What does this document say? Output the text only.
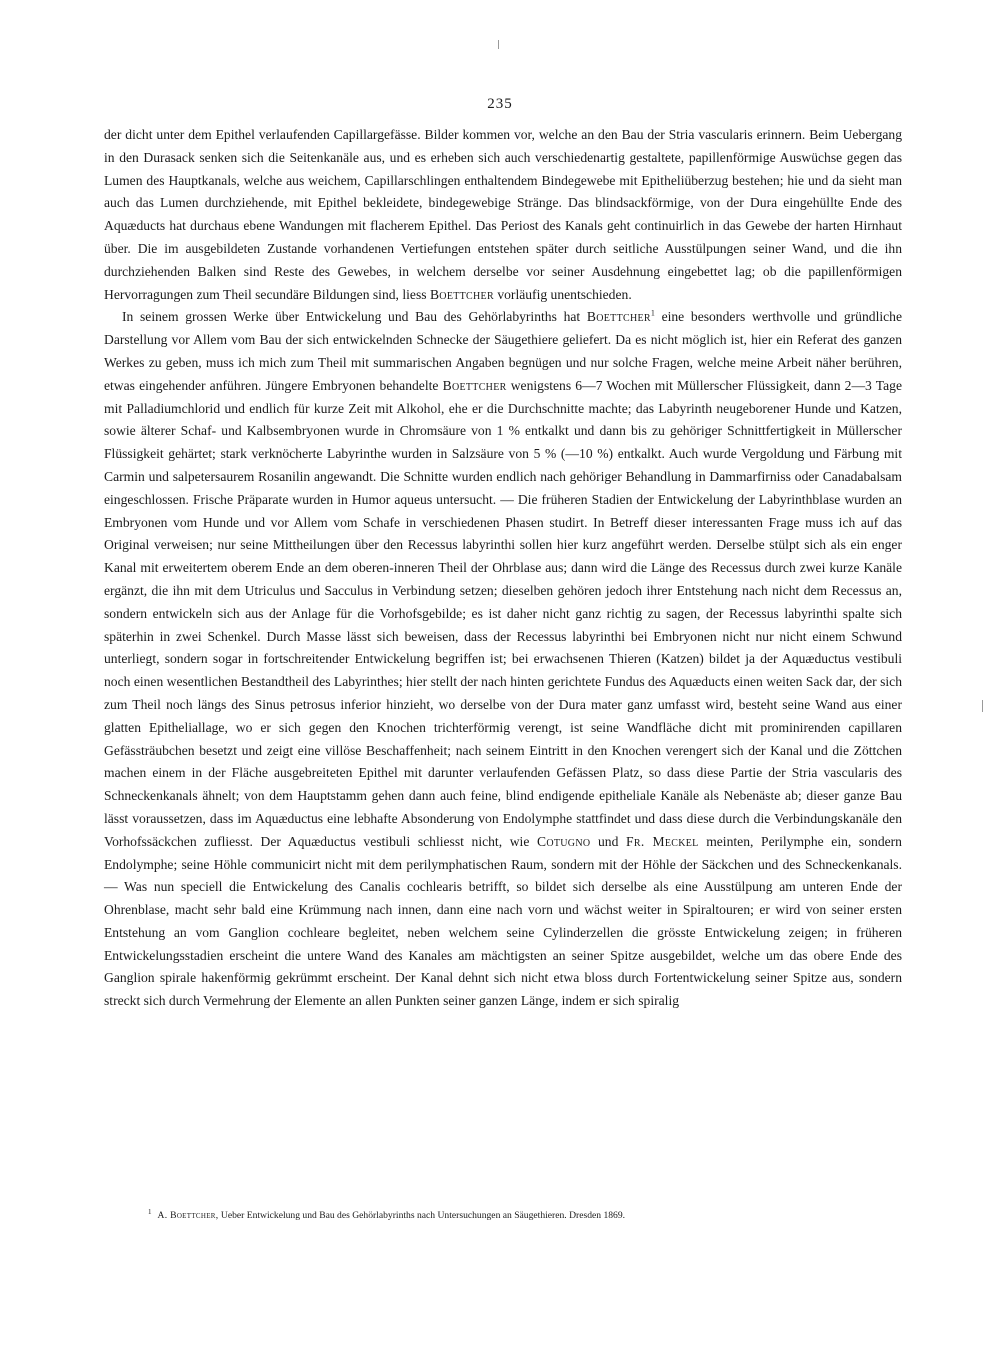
235

der dicht unter dem Epithel verlaufenden Capillargefässe. Bilder kommen vor, welche an den Bau der Stria vascularis erinnern. Beim Uebergang in den Durasack senken sich die Seitenkanäle aus, und es erheben sich auch verschiedenartig gestaltete, papillenförmige Auswüchse gegen das Lumen des Hauptkanals, welche aus weichem, Capillarschlingen enthaltendem Bindegewebe mit Epitheliüberzug bestehen; hie und da sieht man auch das Lumen durchziehende, mit Epithel bekleidete, bindegewebige Stränge. Das blindsackförmige, von der Dura eingehüllte Ende des Aquæducts hat durchaus ebene Wandungen mit flacherem Epithel. Das Periost des Kanals geht continuirlich in das Gewebe der harten Hirnhaut über. Die im ausgebildeten Zustande vorhandenen Vertiefungen entstehen später durch seitliche Ausstülpungen seiner Wand, und die ihn durchziehenden Balken sind Reste des Gewebes, in welchem derselbe vor seiner Ausdehnung eingebettet lag; ob die papillenförmigen Hervorragungen zum Theil secundäre Bildungen sind, liess Boettcher vorläufig unentschieden.

In seinem grossen Werke über Entwickelung und Bau des Gehörlabyrinths hat Boettcher$^1$ eine besonders werthvolle und gründliche Darstellung vor Allem vom Bau der sich entwickelnden Schnecke der Säugethiere geliefert. Da es nicht möglich ist, hier ein Referat des ganzen Werkes zu geben, muss ich mich zum Theil mit summarischen Angaben begnügen und nur solche Fragen, welche meine Arbeit näher berühren, etwas eingehender anführen. Jüngere Embryonen behandelte Boettcher wenigstens 6—7 Wochen mit Müllerscher Flüssigkeit, dann 2—3 Tage mit Palladiumchlorid und endlich für kurze Zeit mit Alkohol, ehe er die Durchschnitte machte; das Labyrinth neugeborener Hunde und Katzen, sowie älterer Schaf- und Kalbsembryonen wurde in Chromsäure von 1 % entkalkt und dann bis zu gehöriger Schnittfertigkeit in Müllerscher Flüssigkeit gehärtet; stark verknöcherte Labyrinthe wurden in Salzsäure von 5 % (—10 %) entkalkt. Auch wurde Vergoldung und Färbung mit Carmin und salpetersaurem Rosanilin angewandt. Die Schnitte wurden endlich nach gehöriger Behandlung in Dammarfirniss oder Canadabalsam eingeschlossen. Frische Präparate wurden in Humor aqueus untersucht. — Die früheren Stadien der Entwickelung der Labyrinthblase wurden an Embryonen vom Hunde und vor Allem vom Schafe in verschiedenen Phasen studirt. In Betreff dieser interessanten Frage muss ich auf das Original verweisen; nur seine Mittheilungen über den Recessus labyrinthi sollen hier kurz angeführt werden. Derselbe stülpt sich als ein enger Kanal mit erweitertem oberem Ende an dem oberen-inneren Theil der Ohrblase aus; dann wird die Länge des Recessus durch zwei kurze Kanäle ergänzt, die ihn mit dem Utriculus und Sacculus in Verbindung setzen; dieselben gehören jedoch ihrer Entstehung nach nicht dem Recessus an, sondern entwickeln sich aus der Anlage für die Vorhofsgebilde; es ist daher nicht ganz richtig zu sagen, der Recessus labyrinthi spalte sich späterhin in zwei Schenkel. Durch Masse lässt sich beweisen, dass der Recessus labyrinthi bei Embryonen nicht nur nicht einem Schwund unterliegt, sondern sogar in fortschreitender Entwickelung begriffen ist; bei erwachsenen Thieren (Katzen) bildet ja der Aquæductus vestibuli noch einen wesentlichen Bestandtheil des Labyrinthes; hier stellt der nach hinten gerichtete Fundus des Aquæducts einen weiten Sack dar, der sich zum Theil noch längs des Sinus petrosus inferior hinzieht, wo derselbe von der Dura mater ganz umfasst wird, besteht seine Wand aus einer glatten Epitheliallage, wo er sich gegen den Knochen trichterförmig verengt, ist seine Wandfläche dicht mit prominirenden capillaren Gefässträubchen besetzt und zeigt eine villöse Beschaffenheit; nach seinem Eintritt in den Knochen verengert sich der Kanal und die Zöttchen machen einem in der Fläche ausgebreiteten Epithel mit darunter verlaufenden Gefässen Platz, so dass diese Partie der Stria vascularis des Schneckenkanals ähnelt; von dem Hauptstamm gehen dann auch feine, blind endigende epitheliale Kanäle als Nebenäste ab; dieser ganze Bau lässt voraussetzen, dass im Aquæductus eine lebhafte Absonderung von Endolymphe stattfindet und dass diese durch die Verbindungskanäle den Vorhofssäckchen zufliesst. Der Aquæductus vestibuli schliesst nicht, wie Cotugno und Fr. Meckel meinten, Perilymphe ein, sondern Endolymphe; seine Höhle communicirt nicht mit dem perilymphatischen Raum, sondern mit der Höhle der Säckchen und des Schneckenkanals. — Was nun speciell die Entwickelung des Canalis cochlearis betrifft, so bildet sich derselbe als eine Ausstülpung am unteren Ende der Ohrenblase, macht sehr bald eine Krümmung nach innen, dann eine nach vorn und wächst weiter in Spiraltouren; er wird von seiner ersten Entstehung an vom Ganglion cochleare begleitet, neben welchem seine Cylinderzellen die grösste Entwickelung zeigen; in früheren Entwickelungsstadien erscheint die untere Wand des Kanales am mächtigsten an seiner Spitze ausgebildet, welche um das obere Ende des Ganglion spirale hakenförmig gekrümmt erscheint. Der Kanal dehnt sich nicht etwa bloss durch Fortentwickelung seiner Spitze aus, sondern streckt sich durch Vermehrung der Elemente an allen Punkten seiner ganzen Länge, indem er sich spiralig

$^1$ A. Boettcher, Ueber Entwickelung und Bau des Gehörlabyrinths nach Untersuchungen an Säugethieren. Dresden 1869.
